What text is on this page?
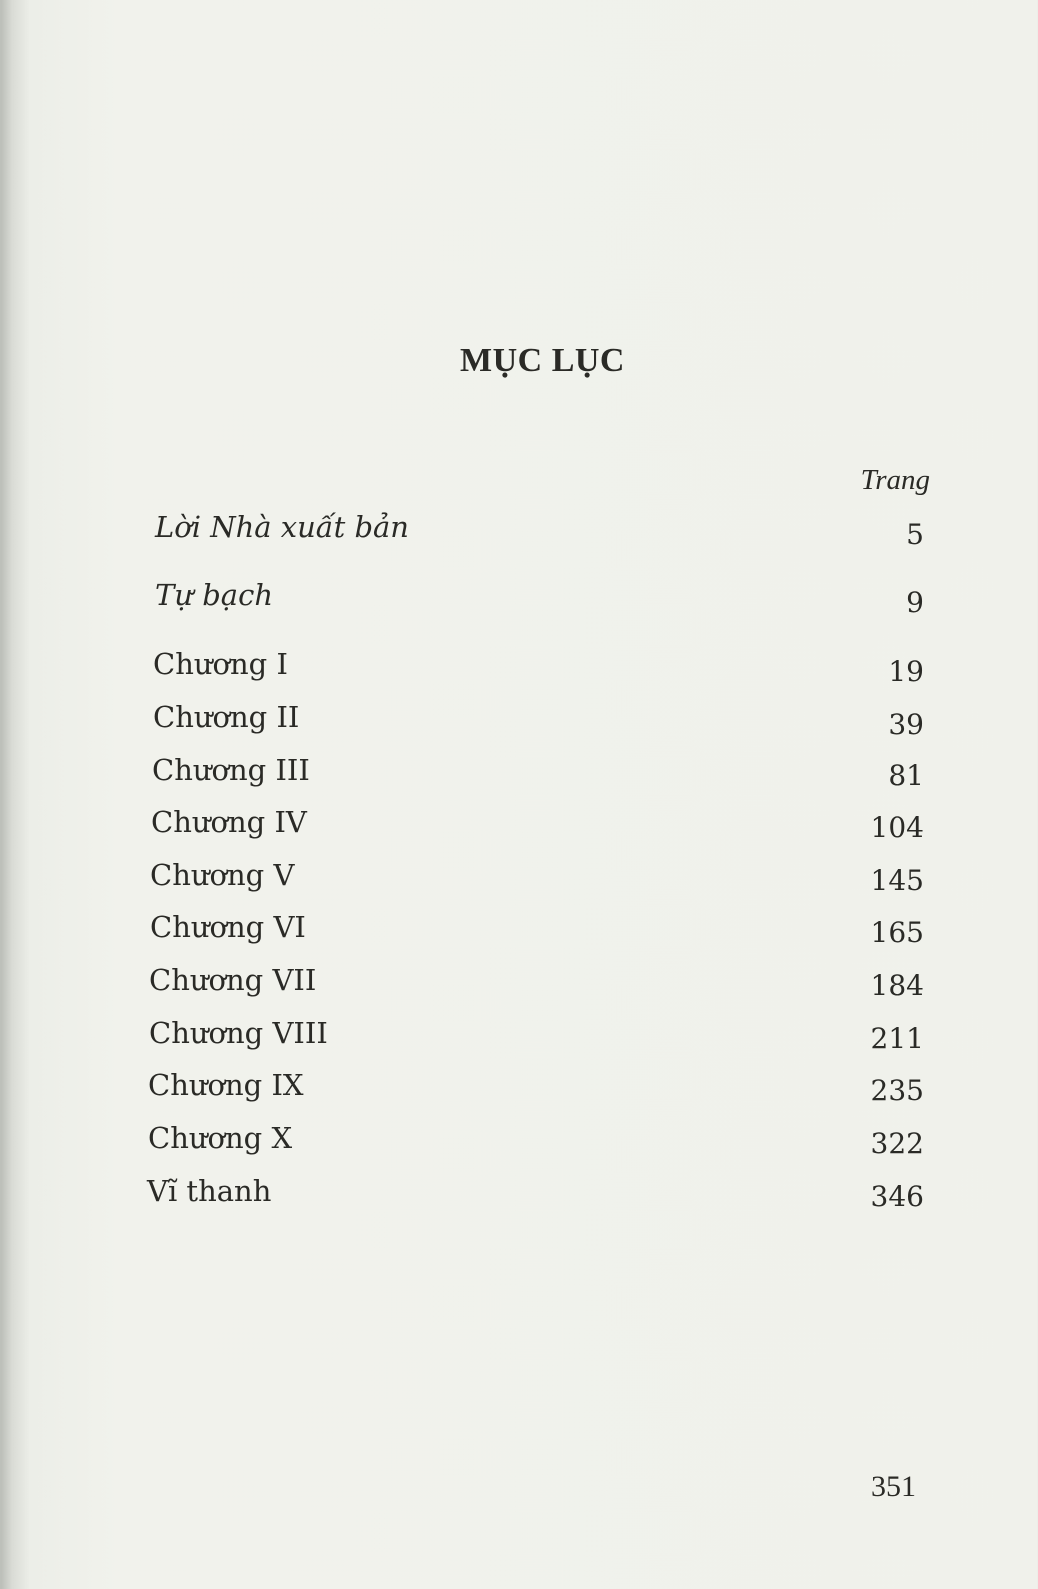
MỤC LỤC
Trang
Lời Nhà xuất bản	5
Tự bạch	9
Chương I	19
Chương II	39
Chương III	81
Chương IV	104
Chương V	145
Chương VI	165
Chương VII	184
Chương VIII	211
Chương IX	235
Chương X	322
Vĩ thanh	346
351
